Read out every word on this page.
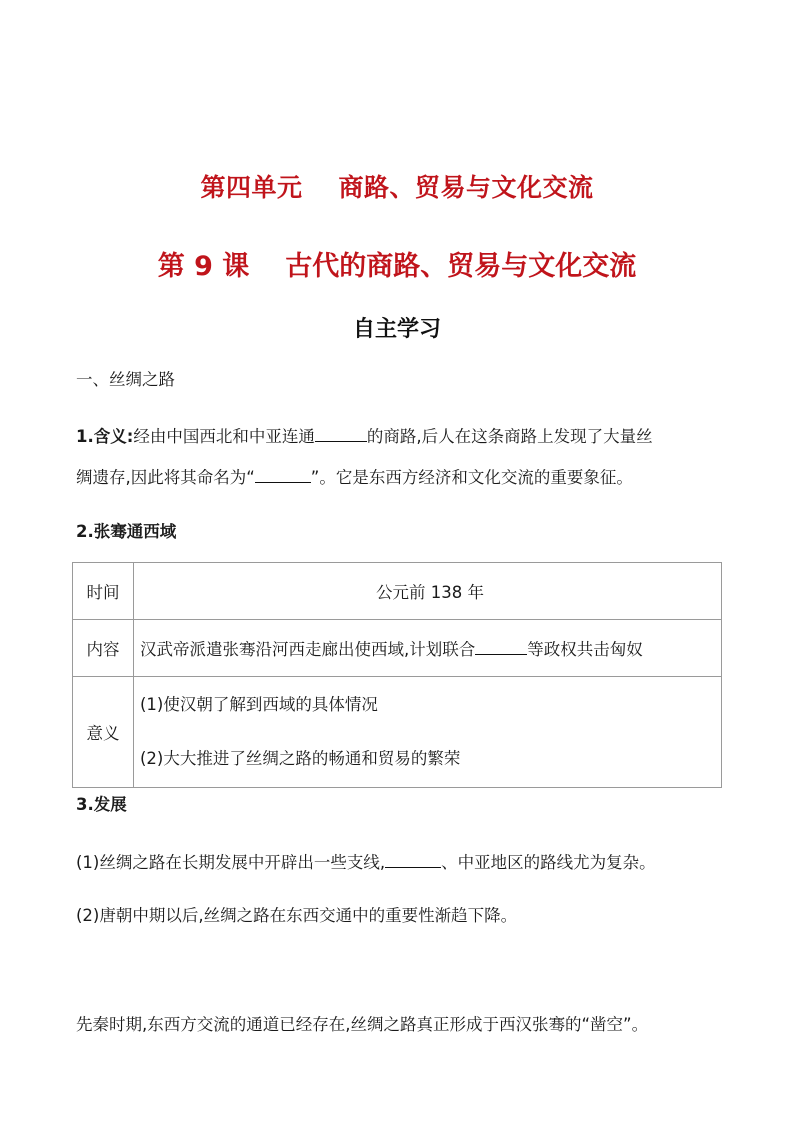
第四单元 商路、贸易与文化交流
第 9 课 古代的商路、贸易与文化交流
自主学习
一、丝绸之路
1.含义:经由中国西北和中亚连通	的商路,后人在这条商路上发现了大量丝
绸遗存,因此将其命名为“	”。它是东西方经济和文化交流的重要象征。
2.张骞通西域
时间	公元前 138 年
内容	汉武帝派遣张骞沿河西走廊出使西域,计划联合 等政权共击匈奴
意义	(1)使汉朝了解到西域的具体情况
(2)大大推进了丝绸之路的畅通和贸易的繁荣
3.发展
(1)丝绸之路在长期发展中开辟出一些支线,	、中亚地区的路线尤为复杂。
(2)唐朝中期以后,丝绸之路在东西交通中的重要性渐趋下降。
先秦时期,东西方交流的通道已经存在,丝绸之路真正形成于西汉张骞的“凿空”。
